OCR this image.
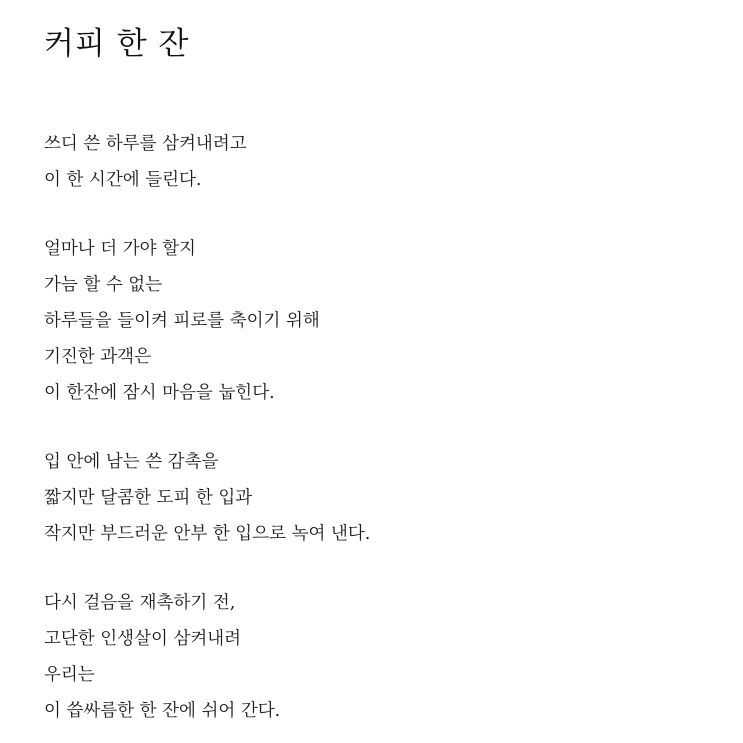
커피 한 잔
쓰디 쓴 하루를 삼켜내려고
이 한 시간에 들린다.
얼마나 더 가야 할지
가늠 할 수 없는
하루들을 들이켜 피로를 축이기 위해
기진한 과객은
이 한잔에 잠시 마음을 눕힌다.
입 안에 남는 쓴 감촉을
짧지만 달콤한 도피 한 입과
작지만 부드러운 안부 한 입으로 녹여 낸다.
다시 걸음을 재촉하기 전,
고단한 인생살이 삼켜내려
우리는
이 씁싸름한 한 잔에 쉬어 간다.
